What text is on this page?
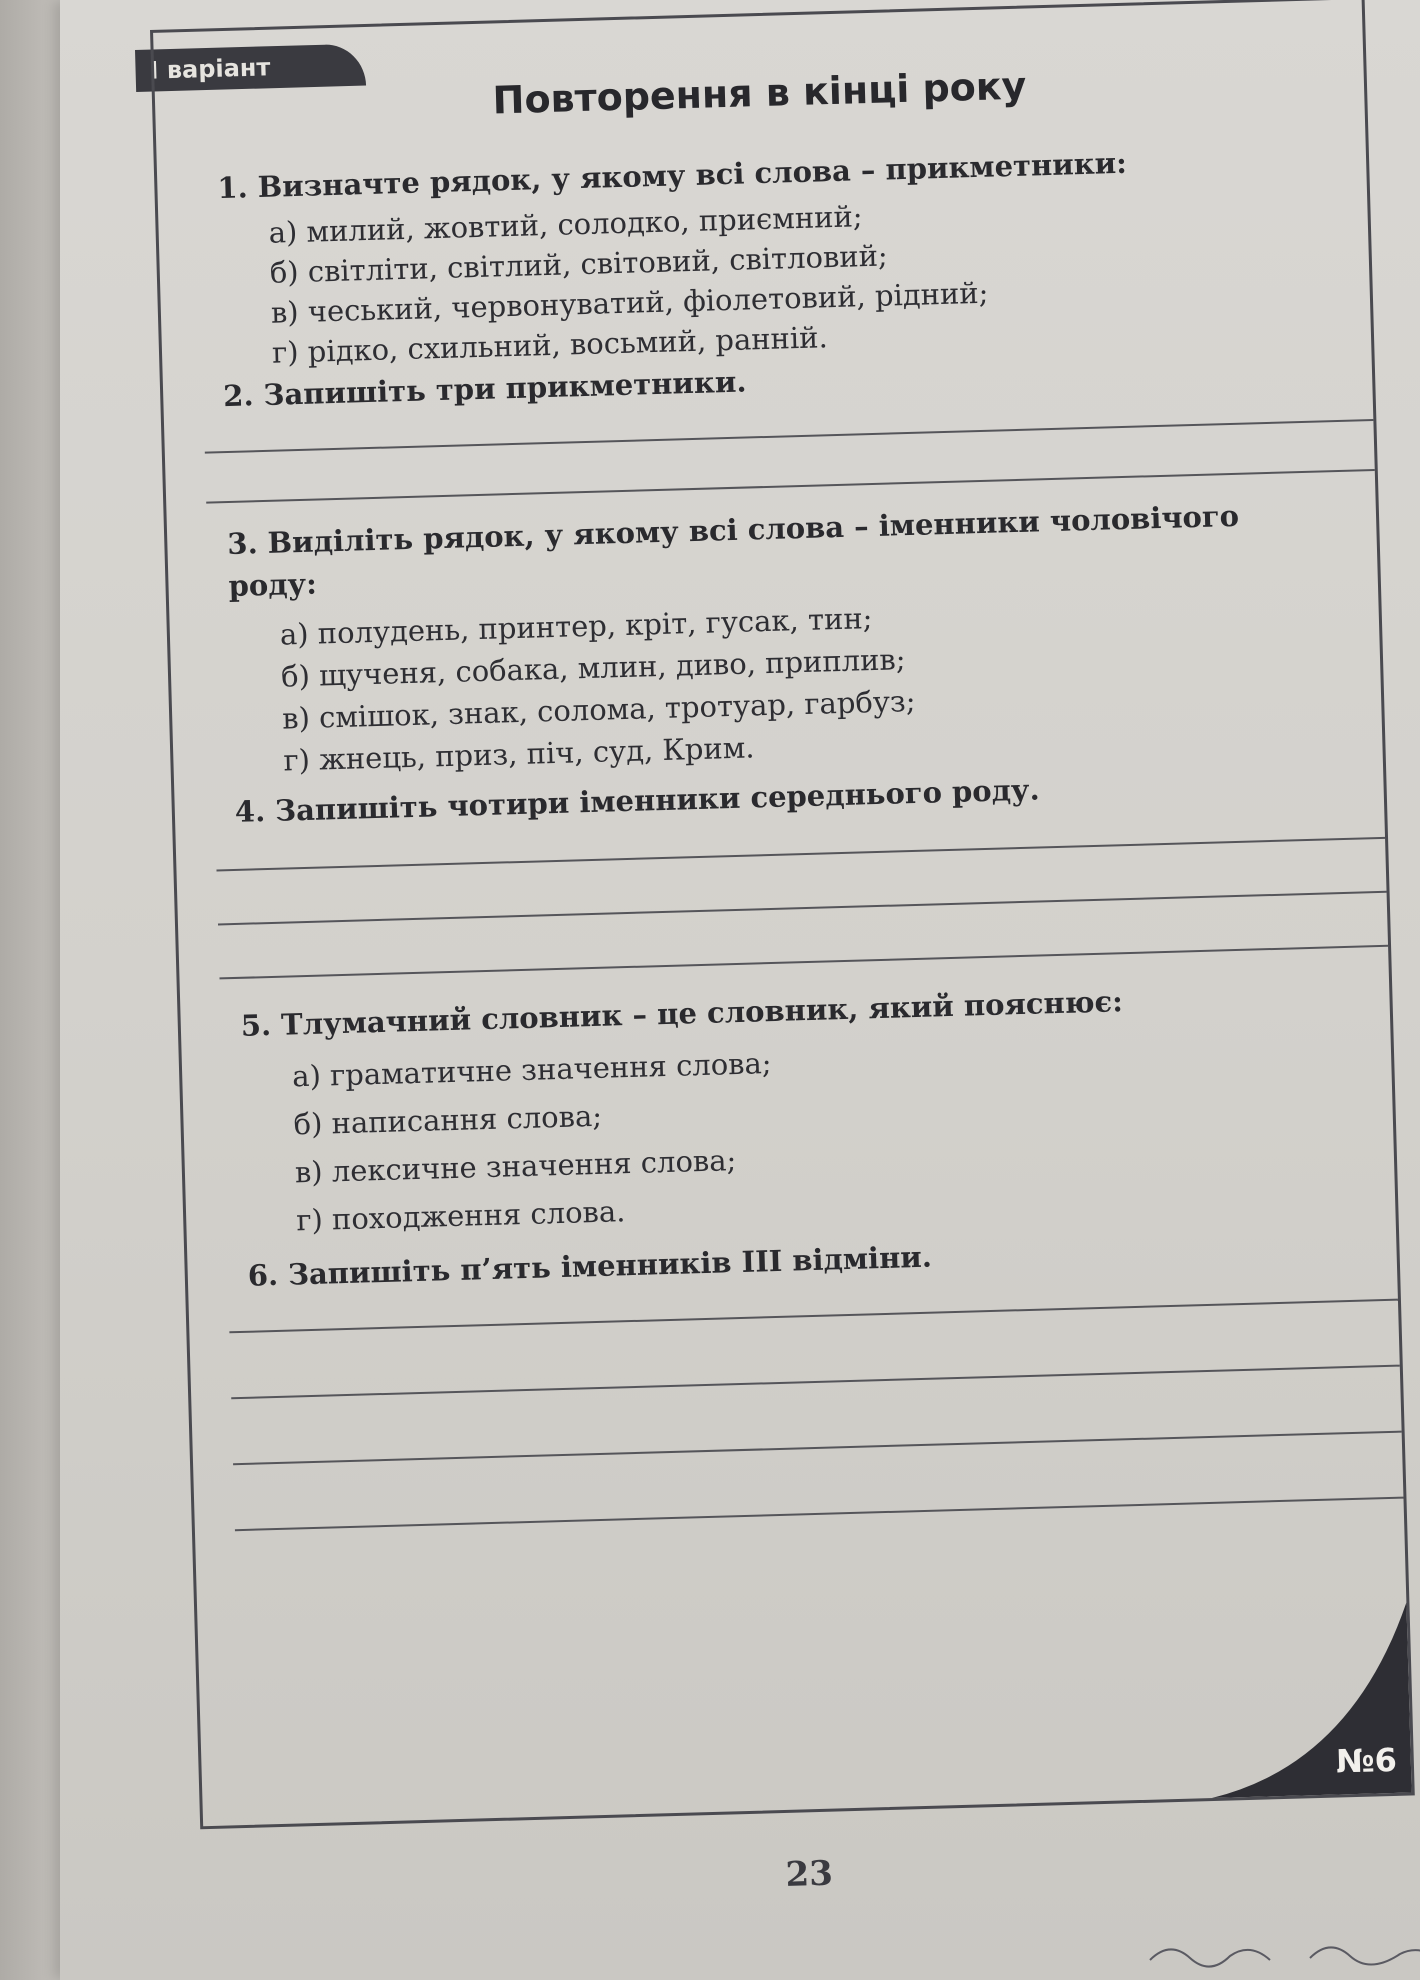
І варіант	Повторення в кінці року
1. Визначте рядок, у якому всі слова – прикметники:
а) милий, жовтий, солодко, приємний;
б) світліти, світлий, світовий, світловий;
в) чеський, червонуватий, фіолетовий, рідний;
г) рідко, схильний, восьмий, ранній.
2. Запишіть три прикметники.
3. Виділіть рядок, у якому всі слова – іменники чоловічого
роду:
а) полудень, принтер, кріт, гусак, тин;
б) щученя, собака, млин, диво, приплив;
в) смішок, знак, солома, тротуар, гарбуз;
г) жнець, приз, піч, суд, Крим.
4. Запишіть чотири іменники середнього роду.
5. Тлумачний словник – це словник, який пояснює:
а) граматичне значення слова;
б) написання слова;
в) лексичне значення слова;
г) походження слова.
6. Запишіть п’ять іменників ІІІ відміни.
№6
23
